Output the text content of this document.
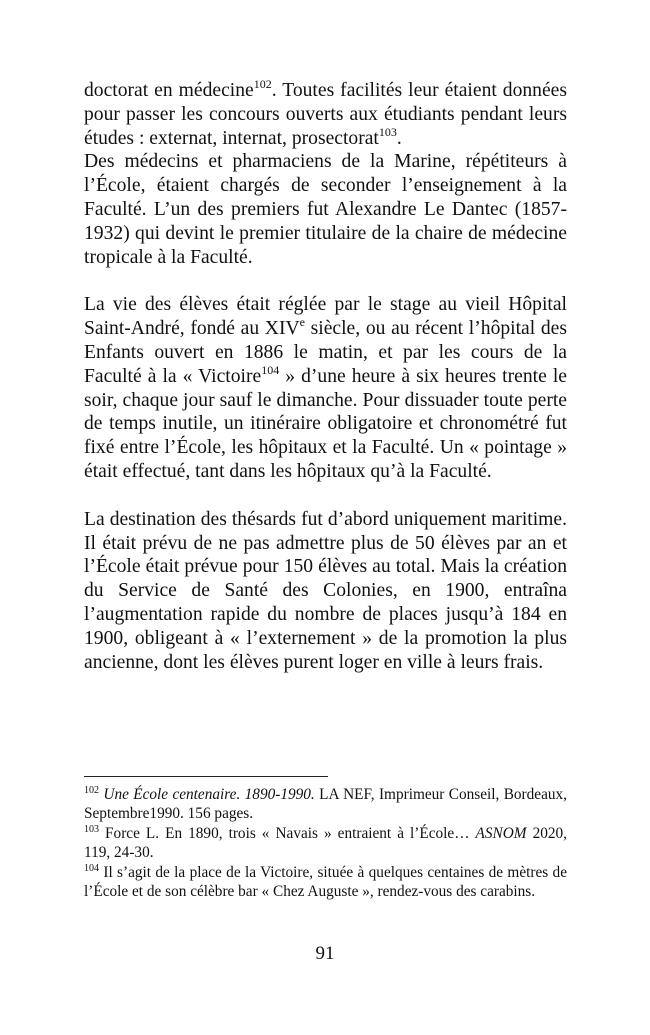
doctorat en médecine$^{102}$. Toutes facilités leur étaient données pour passer les concours ouverts aux étudiants pendant leurs études : externat, internat, prosectorat$^{103}$.

Des médecins et pharmaciens de la Marine, répétiteurs à l’École, étaient chargés de seconder l’enseignement à la Faculté. L’un des premiers fut Alexandre Le Dantec (1857-1932) qui devint le premier titulaire de la chaire de médecine tropicale à la Faculté.

La vie des élèves était réglée par le stage au vieil Hôpital Saint-André, fondé au XIVe siècle, ou au récent l’hôpital des Enfants ouvert en 1886 le matin, et par les cours de la Faculté à la « Victoire$^{104}$ » d’une heure à six heures trente le soir, chaque jour sauf le dimanche. Pour dissuader toute perte de temps inutile, un itinéraire obligatoire et chronométré fut fixé entre l’École, les hôpitaux et la Faculté. Un « pointage » était effectué, tant dans les hôpitaux qu’à la Faculté.

La destination des thésards fut d’abord uniquement maritime. Il était prévu de ne pas admettre plus de 50 élèves par an et l’École était prévue pour 150 élèves au total. Mais la création du Service de Santé des Colonies, en 1900, entraîna l’augmentation rapide du nombre de places jusqu’à 184 en 1900, obligeant à « l’externement » de la promotion la plus ancienne, dont les élèves purent loger en ville à leurs frais.

$^{102}$ Une École centenaire. 1890-1990. LA NEF, Imprimeur Conseil, Bordeaux, Septembre1990. 156 pages.

$^{103}$ Force L. En 1890, trois « Navais » entraient à l’École… ASNOM 2020, 119, 24-30.

$^{104}$ Il s’agit de la place de la Victoire, située à quelques centaines de mètres de l’École et de son célèbre bar « Chez Auguste », rendez-vous des carabins.

91
